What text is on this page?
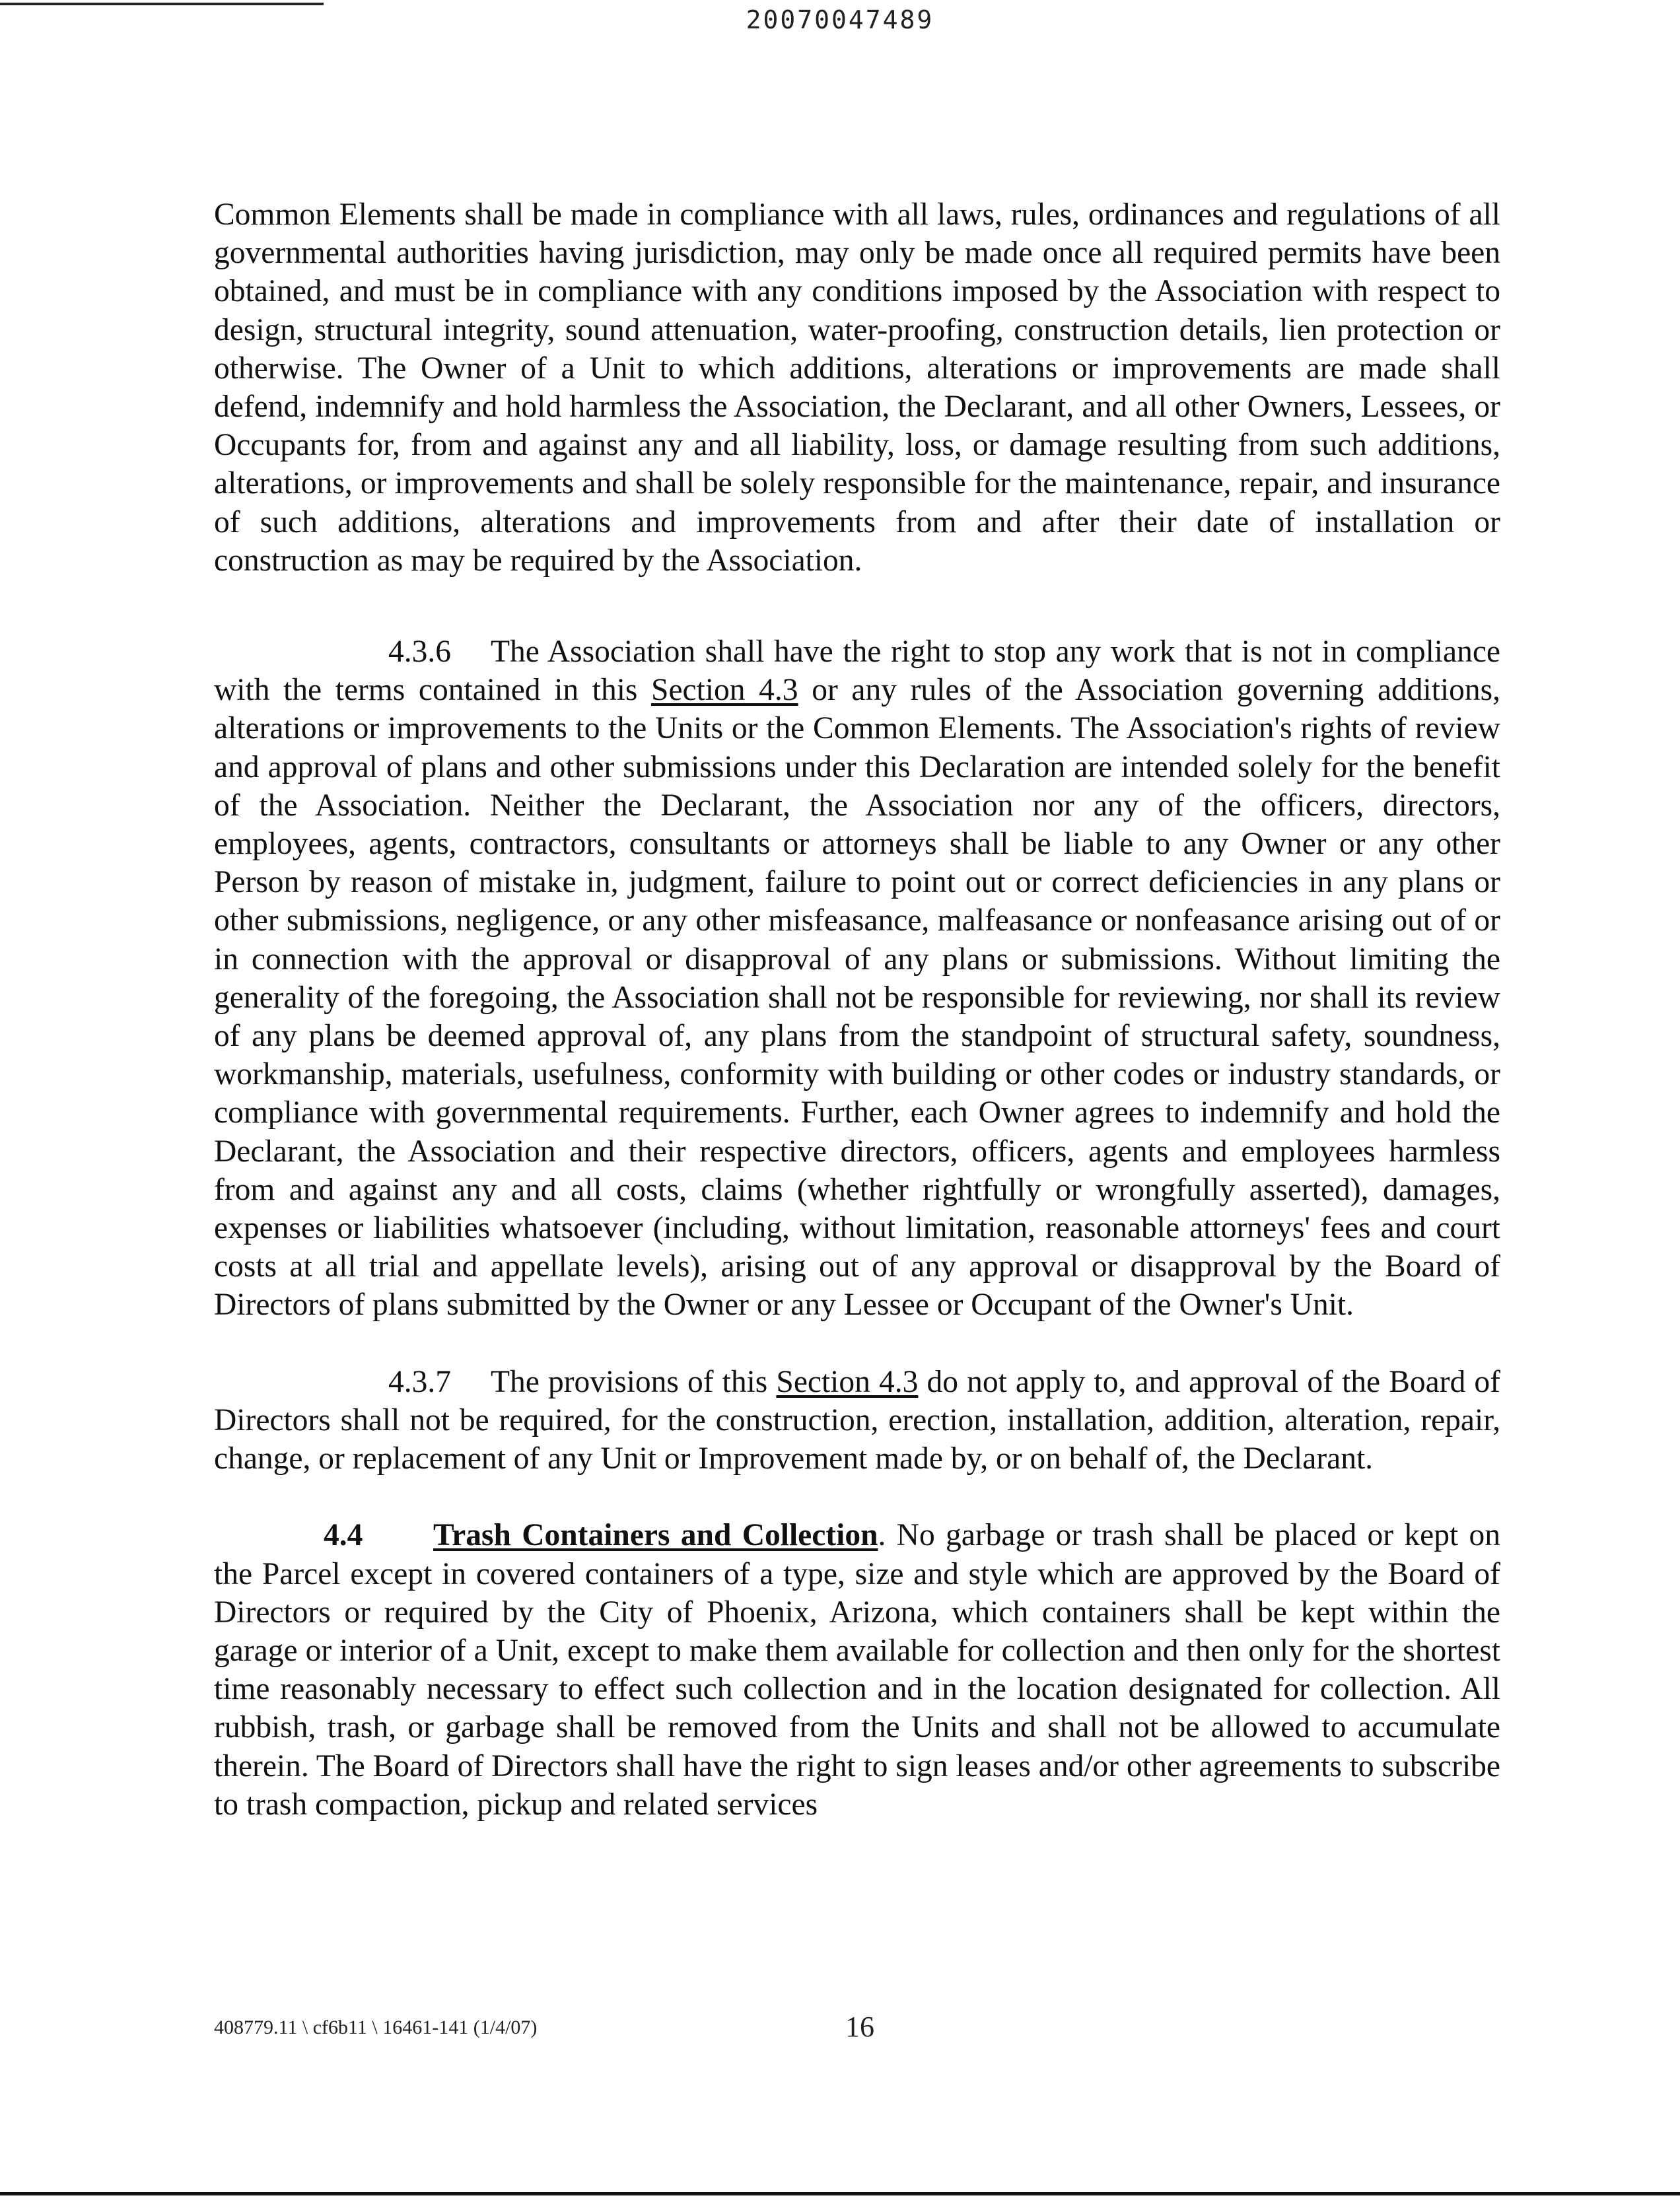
20070047489

Common Elements shall be made in compliance with all laws, rules, ordinances and regulations of all governmental authorities having jurisdiction, may only be made once all required permits have been obtained, and must be in compliance with any conditions imposed by the Association with respect to design, structural integrity, sound attenuation, water-proofing, construction details, lien protection or otherwise. The Owner of a Unit to which additions, alterations or improvements are made shall defend, indemnify and hold harmless the Association, the Declarant, and all other Owners, Lessees, or Occupants for, from and against any and all liability, loss, or damage resulting from such additions, alterations, or improvements and shall be solely responsible for the maintenance, repair, and insurance of such additions, alterations and improvements from and after their date of installation or construction as may be required by the Association.

4.3.6 The Association shall have the right to stop any work that is not in compliance with the terms contained in this Section 4.3 or any rules of the Association governing additions, alterations or improvements to the Units or the Common Elements. The Association's rights of review and approval of plans and other submissions under this Declaration are intended solely for the benefit of the Association. Neither the Declarant, the Association nor any of the officers, directors, employees, agents, contractors, consultants or attorneys shall be liable to any Owner or any other Person by reason of mistake in, judgment, failure to point out or correct deficiencies in any plans or other submissions, negligence, or any other misfeasance, malfeasance or nonfeasance arising out of or in connection with the approval or disapproval of any plans or submissions. Without limiting the generality of the foregoing, the Association shall not be responsible for reviewing, nor shall its review of any plans be deemed approval of, any plans from the standpoint of structural safety, soundness, workmanship, materials, usefulness, conformity with building or other codes or industry standards, or compliance with governmental requirements. Further, each Owner agrees to indemnify and hold the Declarant, the Association and their respective directors, officers, agents and employees harmless from and against any and all costs, claims (whether rightfully or wrongfully asserted), damages, expenses or liabilities whatsoever (including, without limitation, reasonable attorneys' fees and court costs at all trial and appellate levels), arising out of any approval or disapproval by the Board of Directors of plans submitted by the Owner or any Lessee or Occupant of the Owner's Unit.

4.3.7 The provisions of this Section 4.3 do not apply to, and approval of the Board of Directors shall not be required, for the construction, erection, installation, addition, alteration, repair, change, or replacement of any Unit or Improvement made by, or on behalf of, the Declarant.

4.4 Trash Containers and Collection. No garbage or trash shall be placed or kept on the Parcel except in covered containers of a type, size and style which are approved by the Board of Directors or required by the City of Phoenix, Arizona, which containers shall be kept within the garage or interior of a Unit, except to make them available for collection and then only for the shortest time reasonably necessary to effect such collection and in the location designated for collection. All rubbish, trash, or garbage shall be removed from the Units and shall not be allowed to accumulate therein. The Board of Directors shall have the right to sign leases and/or other agreements to subscribe to trash compaction, pickup and related services

408779.11 \ cf6b11 \ 16461-141 (1/4/07)	16
